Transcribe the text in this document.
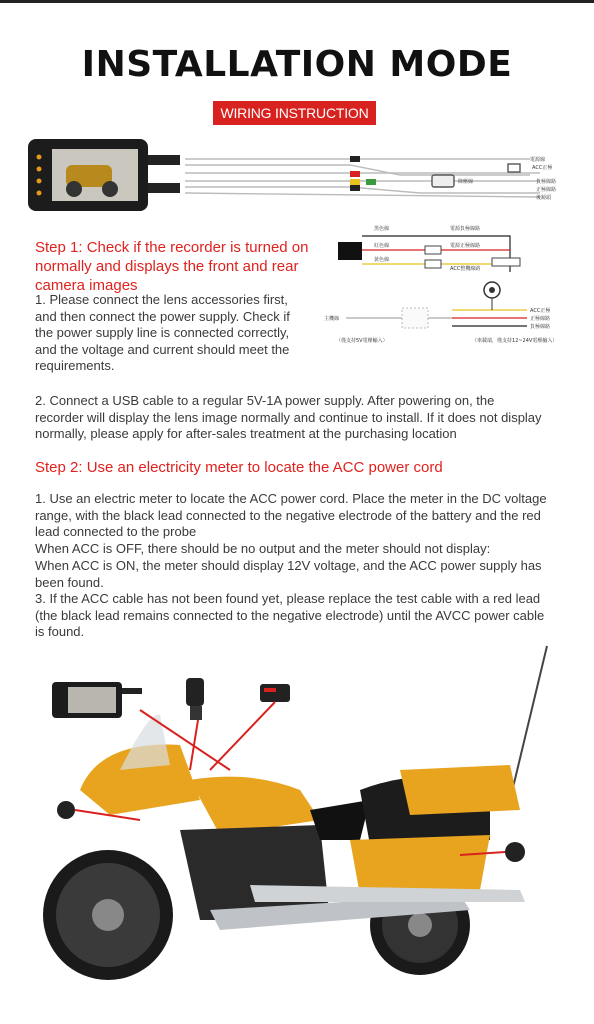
INSTALLATION MODE
WIRING INSTRUCTION
降壓線
電源線
ACC正極
負極線路
正極線路
後鏡頭
黑色線
紅色線
黃色線
電源負極線路
電源正極線路
ACC整機線路
主機線
ACC正極
正極線路
負極線路
（僅支持5V電壓輸入）	（車載端，僅支持12~24V電壓輸入）
Step 1: Check if the recorder is turned on normally and displays the front and rear camera images
1. Please connect the lens accessories first, and then connect the power supply. Check if the power supply line is connected correctly, and the voltage and current should meet the requirements.
2. Connect a USB cable to a regular 5V-1A power supply. After powering on, the recorder will display the lens image normally and continue to install. If it does not display normally, please apply for after-sales treatment at the purchasing location
Step 2: Use an electricity meter to locate the ACC power cord
1. Use an electric meter to locate the ACC power cord. Place the meter in the DC voltage range, with the black lead connected to the negative electrode of the battery and the red lead connected to the probe
When ACC is OFF, there should be no output and the meter should not display:
When ACC is ON, the meter should display 12V voltage, and the ACC power supply has been found.
3. If the ACC cable has not been found yet, please replace the test cable with a red lead (the black lead remains connected to the negative electrode) until the AVCC power cable is found.
